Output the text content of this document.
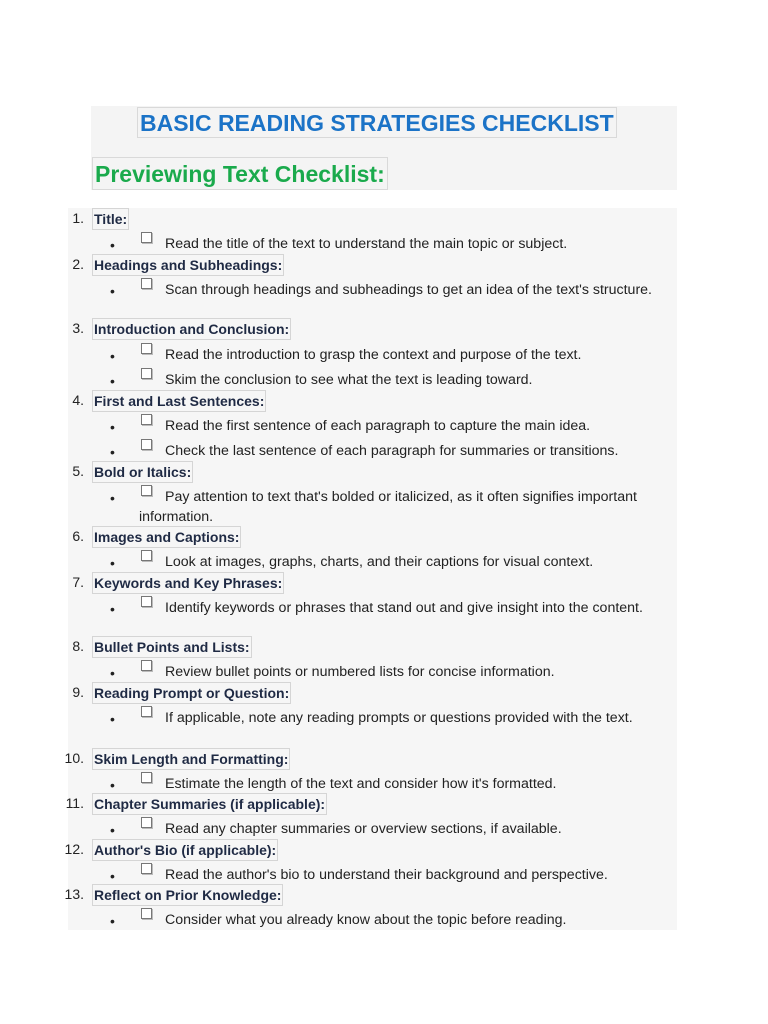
BASIC READING STRATEGIES CHECKLIST
Previewing Text Checklist:
1. Title:
•	Read the title of the text to understand the main topic or subject.
2. Headings and Subheadings:
•	Scan through headings and subheadings to get an idea of the text's structure.
3. Introduction and Conclusion:
•	Read the introduction to grasp the context and purpose of the text.
•	Skim the conclusion to see what the text is leading toward.
4. First and Last Sentences:
•	Read the first sentence of each paragraph to capture the main idea.
•	Check the last sentence of each paragraph for summaries or transitions.
5. Bold or Italics:
•	Pay attention to text that's bolded or italicized, as it often signifies important information.
6. Images and Captions:
•	Look at images, graphs, charts, and their captions for visual context.
7. Keywords and Key Phrases:
•	Identify keywords or phrases that stand out and give insight into the content.
8. Bullet Points and Lists:
•	Review bullet points or numbered lists for concise information.
9. Reading Prompt or Question:
•	If applicable, note any reading prompts or questions provided with the text.
10. Skim Length and Formatting:
•	Estimate the length of the text and consider how it's formatted.
11. Chapter Summaries (if applicable):
•	Read any chapter summaries or overview sections, if available.
12. Author's Bio (if applicable):
•	Read the author's bio to understand their background and perspective.
13. Reflect on Prior Knowledge:
•	Consider what you already know about the topic before reading.
